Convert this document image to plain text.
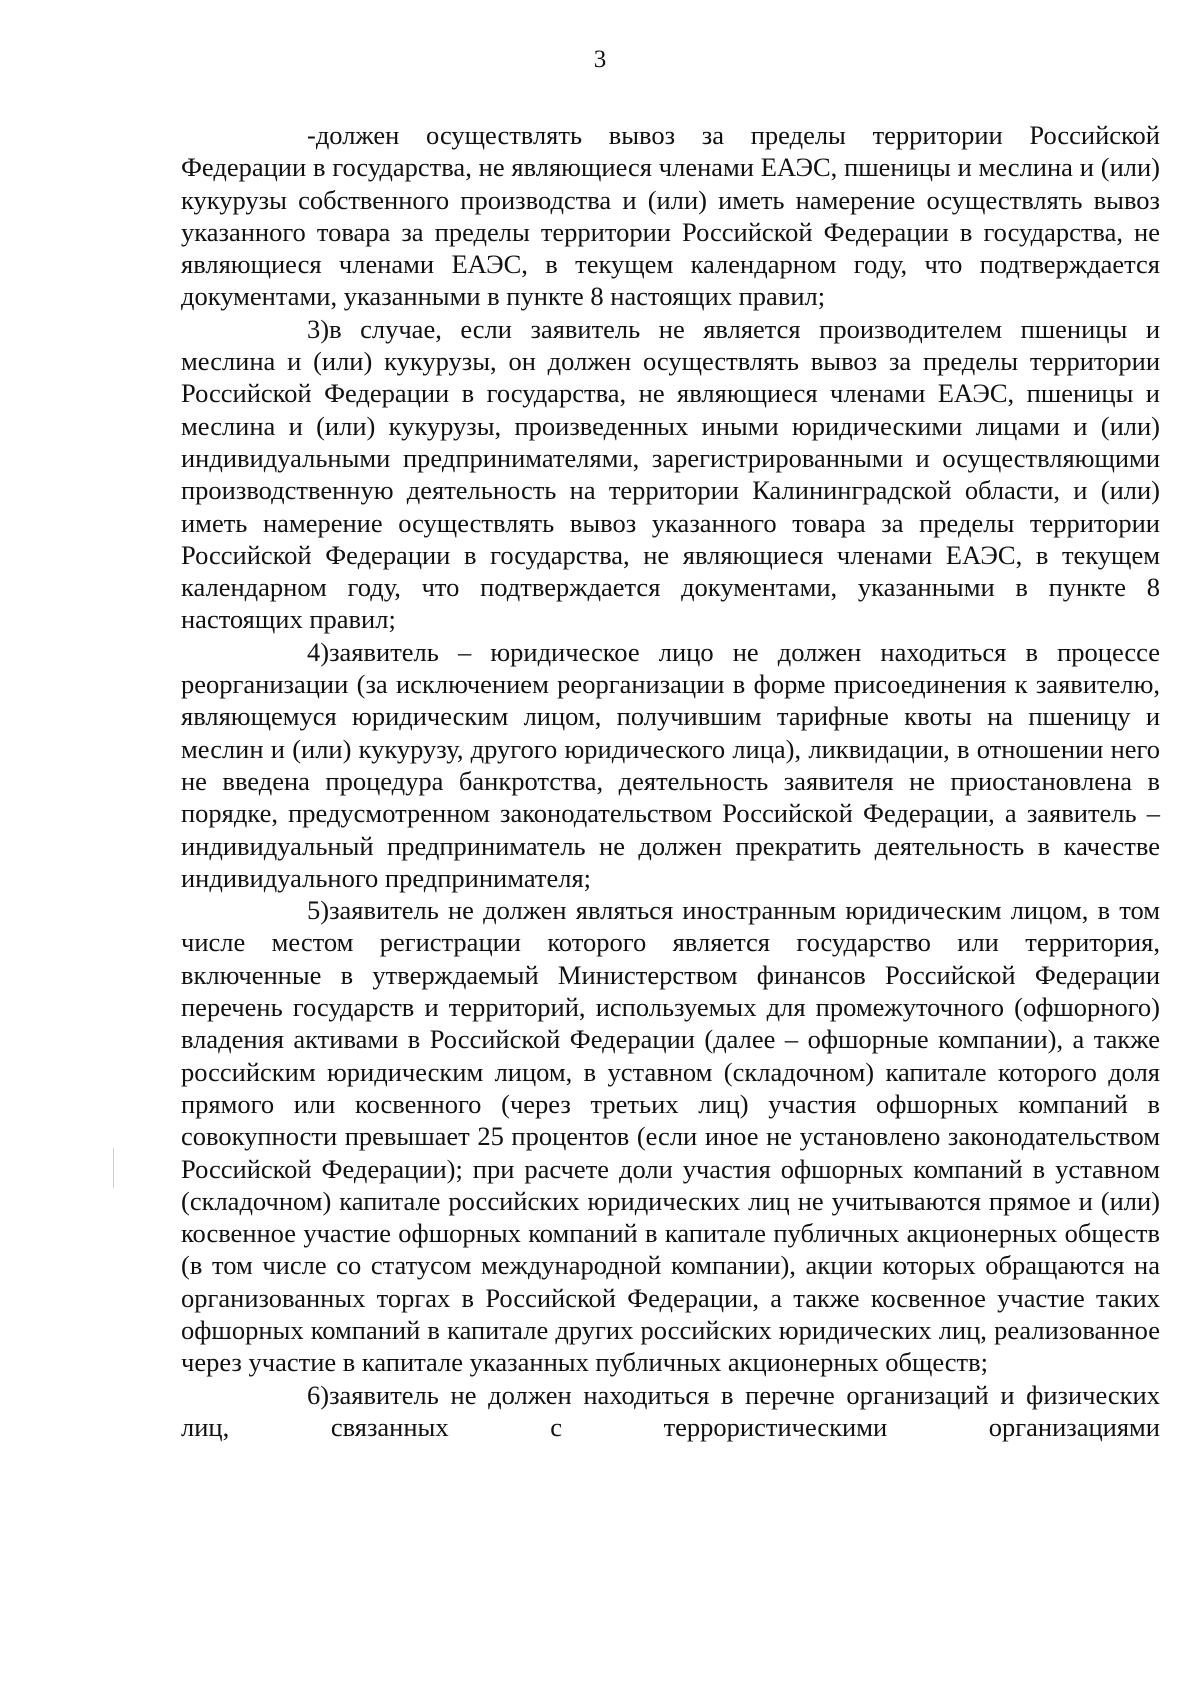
3

-должен осуществлять вывоз за пределы территории Российской Федерации в государства, не являющиеся членами ЕАЭС, пшеницы и меслина и (или) кукурузы собственного производства и (или) иметь намерение осуществлять вывоз указанного товара за пределы территории Российской Федерации в государства, не являющиеся членами ЕАЭС, в текущем календарном году, что подтверждается документами, указанными в пункте 8 настоящих правил;

3)в случае, если заявитель не является производителем пшеницы и меслина и (или) кукурузы, он должен осуществлять вывоз за пределы территории Российской Федерации в государства, не являющиеся членами ЕАЭС, пшеницы и меслина и (или) кукурузы, произведенных иными юридическими лицами и (или) индивидуальными предпринимателями, зарегистрированными и осуществляющими производственную деятельность на территории Калининградской области, и (или) иметь намерение осуществлять вывоз указанного товара за пределы территории Российской Федерации в государства, не являющиеся членами ЕАЭС, в текущем календарном году, что подтверждается документами, указанными в пункте 8 настоящих правил;

4)заявитель – юридическое лицо не должен находиться в процессе реорганизации (за исключением реорганизации в форме присоединения к заявителю, являющемуся юридическим лицом, получившим тарифные квоты на пшеницу и меслин и (или) кукурузу, другого юридического лица), ликвидации, в отношении него не введена процедура банкротства, деятельность заявителя не приостановлена в порядке, предусмотренном законодательством Российской Федерации, а заявитель – индивидуальный предприниматель не должен прекратить деятельность в качестве индивидуального предпринимателя;

5)заявитель не должен являться иностранным юридическим лицом, в том числе местом регистрации которого является государство или территория, включенные в утверждаемый Министерством финансов Российской Федерации перечень государств и территорий, используемых для промежуточного (офшорного) владения активами в Российской Федерации (далее – офшорные компании), а также российским юридическим лицом, в уставном (складочном) капитале которого доля прямого или косвенного (через третьих лиц) участия офшорных компаний в совокупности превышает 25 процентов (если иное не установлено законодательством Российской Федерации); при расчете доли участия офшорных компаний в уставном (складочном) капитале российских юридических лиц не учитываются прямое и (или) косвенное участие офшорных компаний в капитале публичных акционерных обществ (в том числе со статусом международной компании), акции которых обращаются на организованных торгах в Российской Федерации, а также косвенное участие таких офшорных компаний в капитале других российских юридических лиц, реализованное через участие в капитале указанных публичных акционерных обществ;

6)заявитель не должен находиться в перечне организаций и физических лиц, связанных с террористическими организациями
